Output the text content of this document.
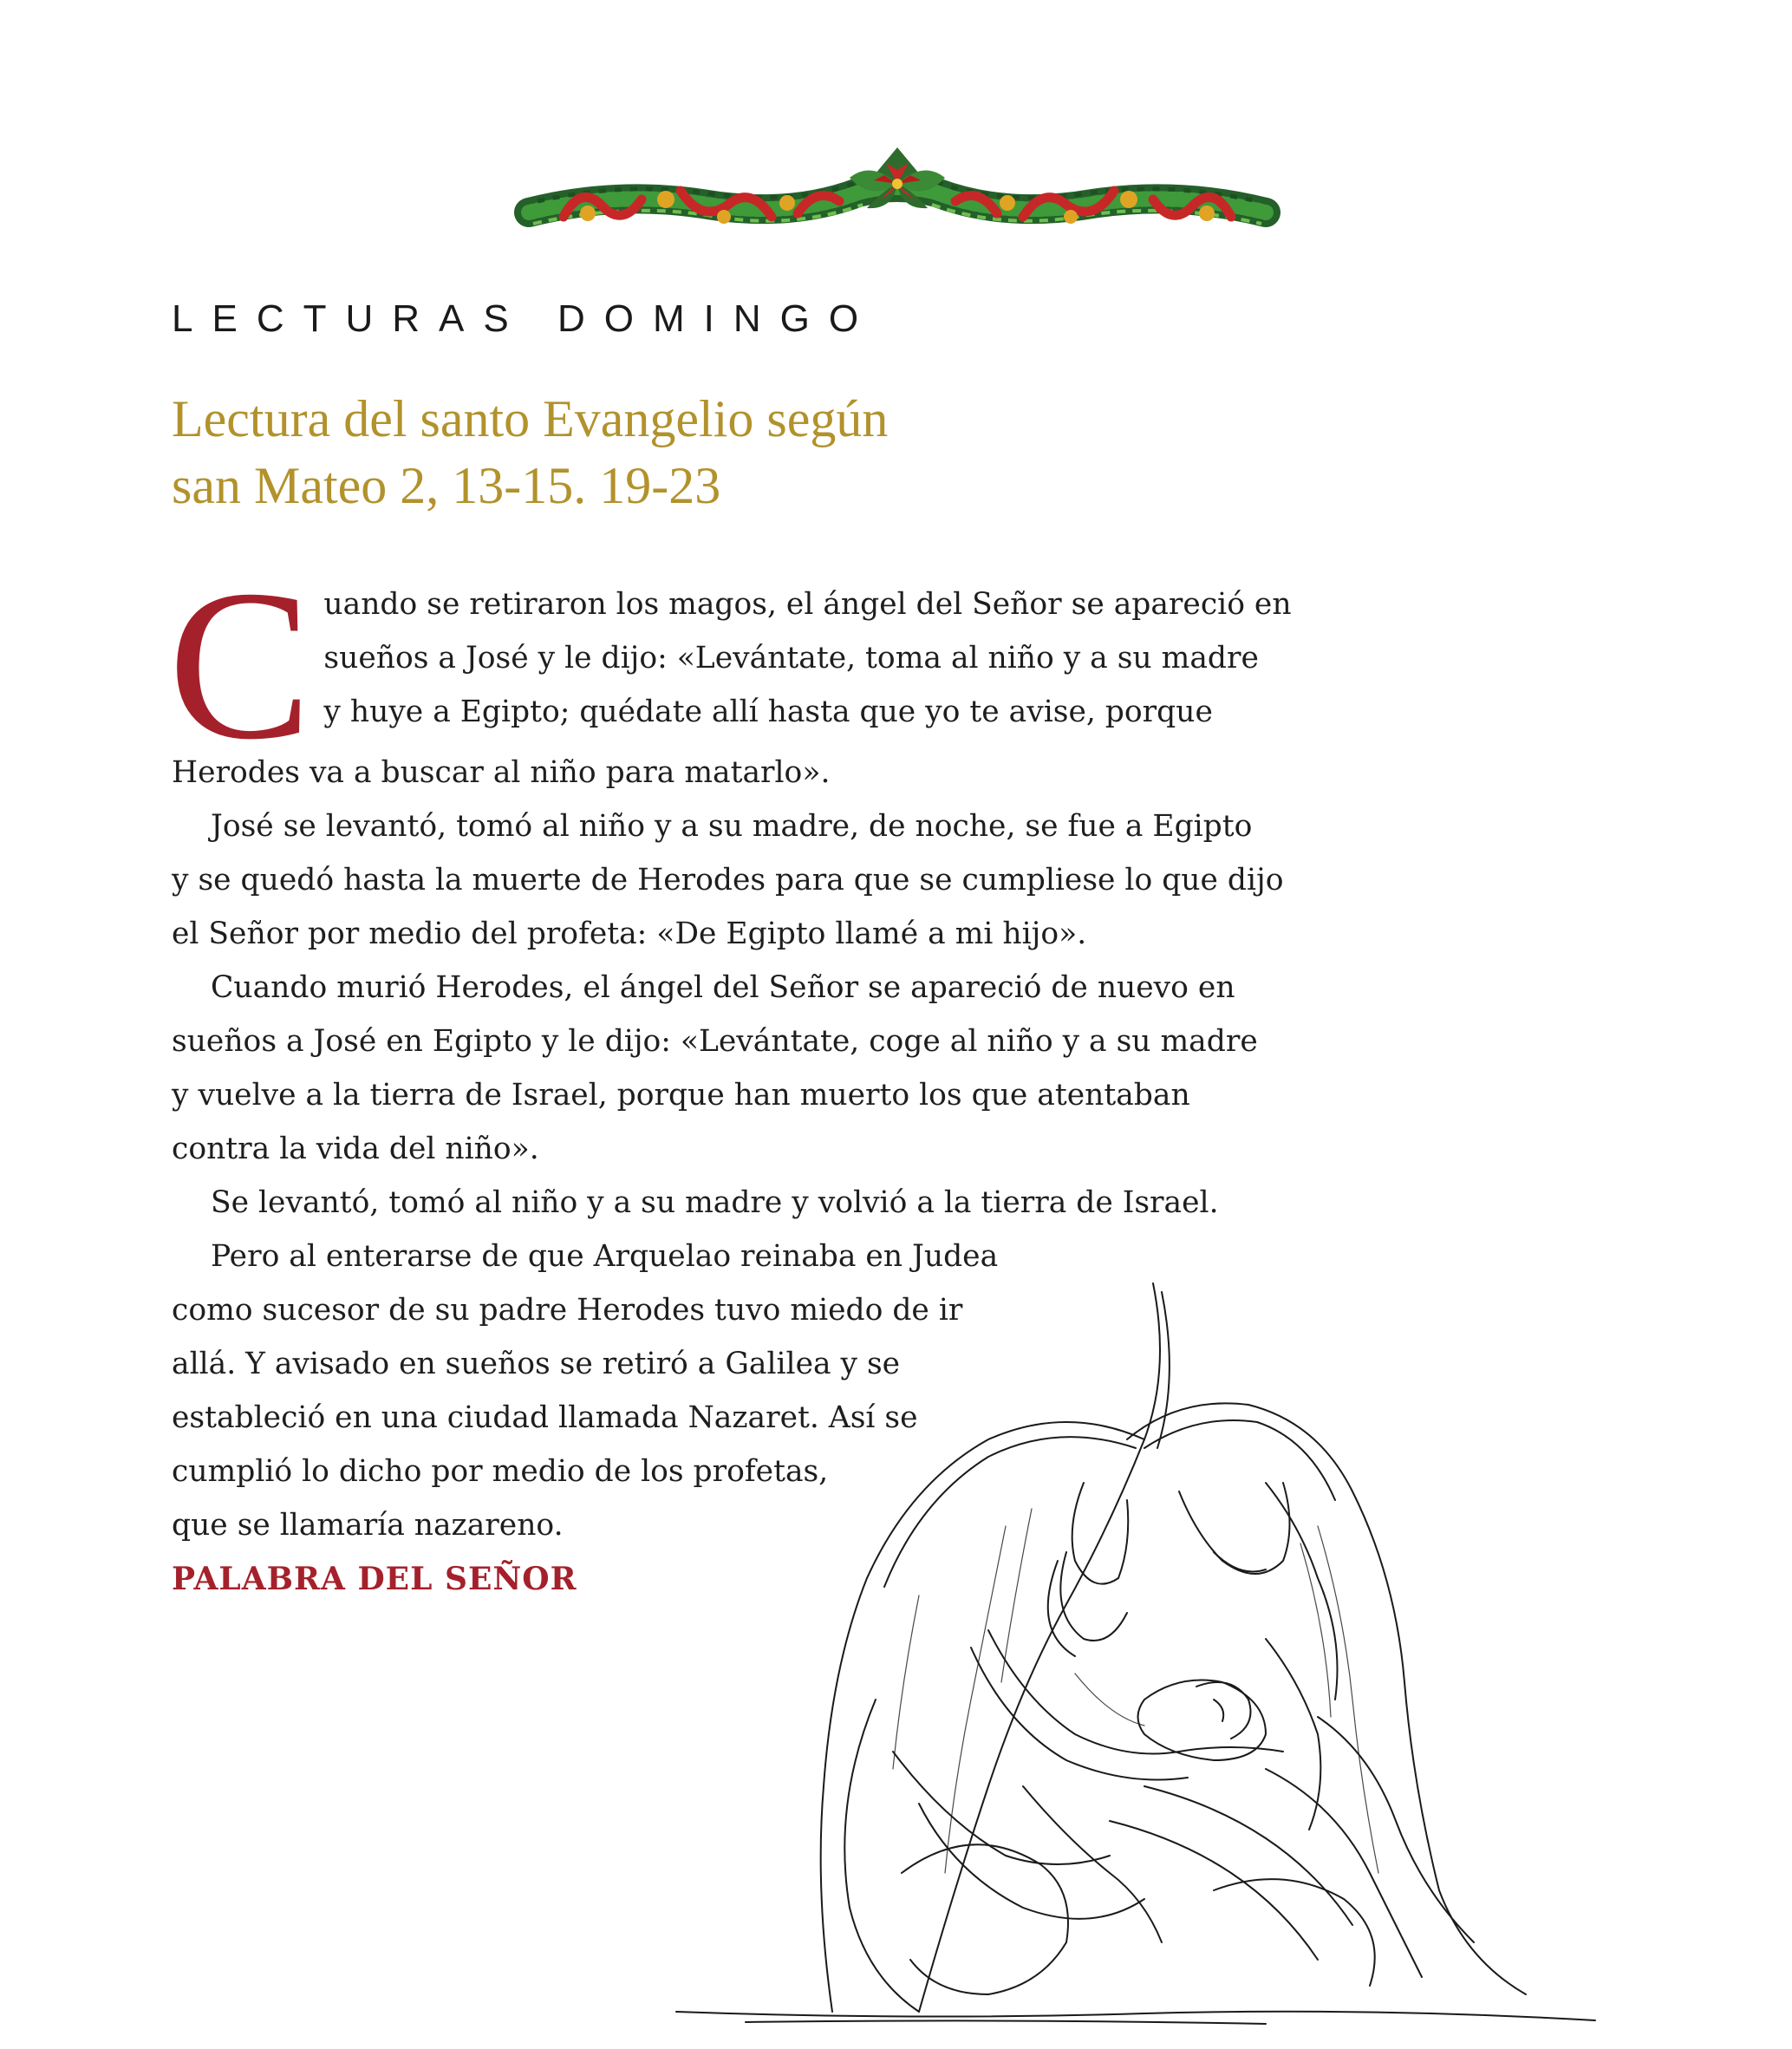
LECTURAS DOMINGO
Lectura del santo Evangelio según
san Mateo 2, 13-15. 19-23
C uando se retiraron los magos, el ángel del Señor se apareció en

sueños a José y le dijo: «Levántate, toma al niño y a su madre

y huye a Egipto; quédate allí hasta que yo te avise, porque

Herodes va a buscar al niño para matarlo».

José se levantó, tomó al niño y a su madre, de noche, se fue a Egipto

y se quedó hasta la muerte de Herodes para que se cumpliese lo que dijo

el Señor por medio del profeta: «De Egipto llamé a mi hijo».

Cuando murió Herodes, el ángel del Señor se apareció de nuevo en

sueños a José en Egipto y le dijo: «Levántate, coge al niño y a su madre

y vuelve a la tierra de Israel, porque han muerto los que atentaban

contra la vida del niño».

Se levantó, tomó al niño y a su madre y volvió a la tierra de Israel.

Pero al enterarse de que Arquelao reinaba en Judea

como sucesor de su padre Herodes tuvo miedo de ir

allá. Y avisado en sueños se retiró a Galilea y se

estableció en una ciudad llamada Nazaret. Así se

cumplió lo dicho por medio de los profetas,

que se llamaría nazareno.

PALABRA DEL SEÑOR
